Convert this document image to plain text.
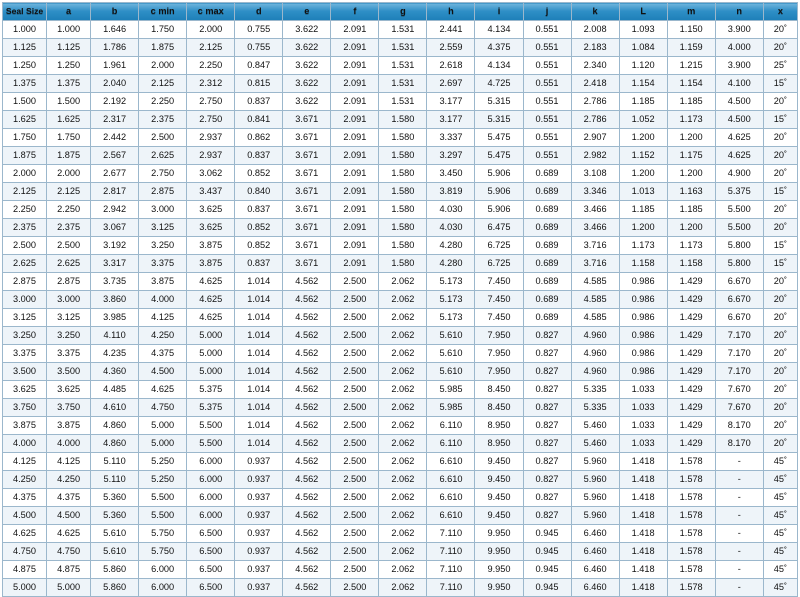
Seal Size	a	b	c min	c max	d	e	f	g	h	i	j	k	L	m	n	x
1.000	1.000	1.646	1.750	2.000	0.755	3.622	2.091	1.531	2.441	4.134	0.551	2.008	1.093	1.150	3.900	20˚
1.125	1.125	1.786	1.875	2.125	0.755	3.622	2.091	1.531	2.559	4.375	0.551	2.183	1.084	1.159	4.000	20˚
1.250	1.250	1.961	2.000	2.250	0.847	3.622	2.091	1.531	2.618	4.134	0.551	2.340	1.120	1.215	3.900	25˚
1.375	1.375	2.040	2.125	2.312	0.815	3.622	2.091	1.531	2.697	4.725	0.551	2.418	1.154	1.154	4.100	15˚
1.500	1.500	2.192	2.250	2.750	0.837	3.622	2.091	1.531	3.177	5.315	0.551	2.786	1.185	1.185	4.500	20˚
1.625	1.625	2.317	2.375	2.750	0.841	3.671	2.091	1.580	3.177	5.315	0.551	2.786	1.052	1.173	4.500	15˚
1.750	1.750	2.442	2.500	2.937	0.862	3.671	2.091	1.580	3.337	5.475	0.551	2.907	1.200	1.200	4.625	20˚
1.875	1.875	2.567	2.625	2.937	0.837	3.671	2.091	1.580	3.297	5.475	0.551	2.982	1.152	1.175	4.625	20˚
2.000	2.000	2.677	2.750	3.062	0.852	3.671	2.091	1.580	3.450	5.906	0.689	3.108	1.200	1.200	4.900	20˚
2.125	2.125	2.817	2.875	3.437	0.840	3.671	2.091	1.580	3.819	5.906	0.689	3.346	1.013	1.163	5.375	15˚
2.250	2.250	2.942	3.000	3.625	0.837	3.671	2.091	1.580	4.030	5.906	0.689	3.466	1.185	1.185	5.500	20˚
2.375	2.375	3.067	3.125	3.625	0.852	3.671	2.091	1.580	4.030	6.475	0.689	3.466	1.200	1.200	5.500	20˚
2.500	2.500	3.192	3.250	3.875	0.852	3.671	2.091	1.580	4.280	6.725	0.689	3.716	1.173	1.173	5.800	15˚
2.625	2.625	3.317	3.375	3.875	0.837	3.671	2.091	1.580	4.280	6.725	0.689	3.716	1.158	1.158	5.800	15˚
2.875	2.875	3.735	3.875	4.625	1.014	4.562	2.500	2.062	5.173	7.450	0.689	4.585	0.986	1.429	6.670	20˚
3.000	3.000	3.860	4.000	4.625	1.014	4.562	2.500	2.062	5.173	7.450	0.689	4.585	0.986	1.429	6.670	20˚
3.125	3.125	3.985	4.125	4.625	1.014	4.562	2.500	2.062	5.173	7.450	0.689	4.585	0.986	1.429	6.670	20˚
3.250	3.250	4.110	4.250	5.000	1.014	4.562	2.500	2.062	5.610	7.950	0.827	4.960	0.986	1.429	7.170	20˚
3.375	3.375	4.235	4.375	5.000	1.014	4.562	2.500	2.062	5.610	7.950	0.827	4.960	0.986	1.429	7.170	20˚
3.500	3.500	4.360	4.500	5.000	1.014	4.562	2.500	2.062	5.610	7.950	0.827	4.960	0.986	1.429	7.170	20˚
3.625	3.625	4.485	4.625	5.375	1.014	4.562	2.500	2.062	5.985	8.450	0.827	5.335	1.033	1.429	7.670	20˚
3.750	3.750	4.610	4.750	5.375	1.014	4.562	2.500	2.062	5.985	8.450	0.827	5.335	1.033	1.429	7.670	20˚
3.875	3.875	4.860	5.000	5.500	1.014	4.562	2.500	2.062	6.110	8.950	0.827	5.460	1.033	1.429	8.170	20˚
4.000	4.000	4.860	5.000	5.500	1.014	4.562	2.500	2.062	6.110	8.950	0.827	5.460	1.033	1.429	8.170	20˚
4.125	4.125	5.110	5.250	6.000	0.937	4.562	2.500	2.062	6.610	9.450	0.827	5.960	1.418	1.578	-	45˚
4.250	4.250	5.110	5.250	6.000	0.937	4.562	2.500	2.062	6.610	9.450	0.827	5.960	1.418	1.578	-	45˚
4.375	4.375	5.360	5.500	6.000	0.937	4.562	2.500	2.062	6.610	9.450	0.827	5.960	1.418	1.578	-	45˚
4.500	4.500	5.360	5.500	6.000	0.937	4.562	2.500	2.062	6.610	9.450	0.827	5.960	1.418	1.578	-	45˚
4.625	4.625	5.610	5.750	6.500	0.937	4.562	2.500	2.062	7.110	9.950	0.945	6.460	1.418	1.578	-	45˚
4.750	4.750	5.610	5.750	6.500	0.937	4.562	2.500	2.062	7.110	9.950	0.945	6.460	1.418	1.578	-	45˚
4.875	4.875	5.860	6.000	6.500	0.937	4.562	2.500	2.062	7.110	9.950	0.945	6.460	1.418	1.578	-	45˚
5.000	5.000	5.860	6.000	6.500	0.937	4.562	2.500	2.062	7.110	9.950	0.945	6.460	1.418	1.578	-	45˚
